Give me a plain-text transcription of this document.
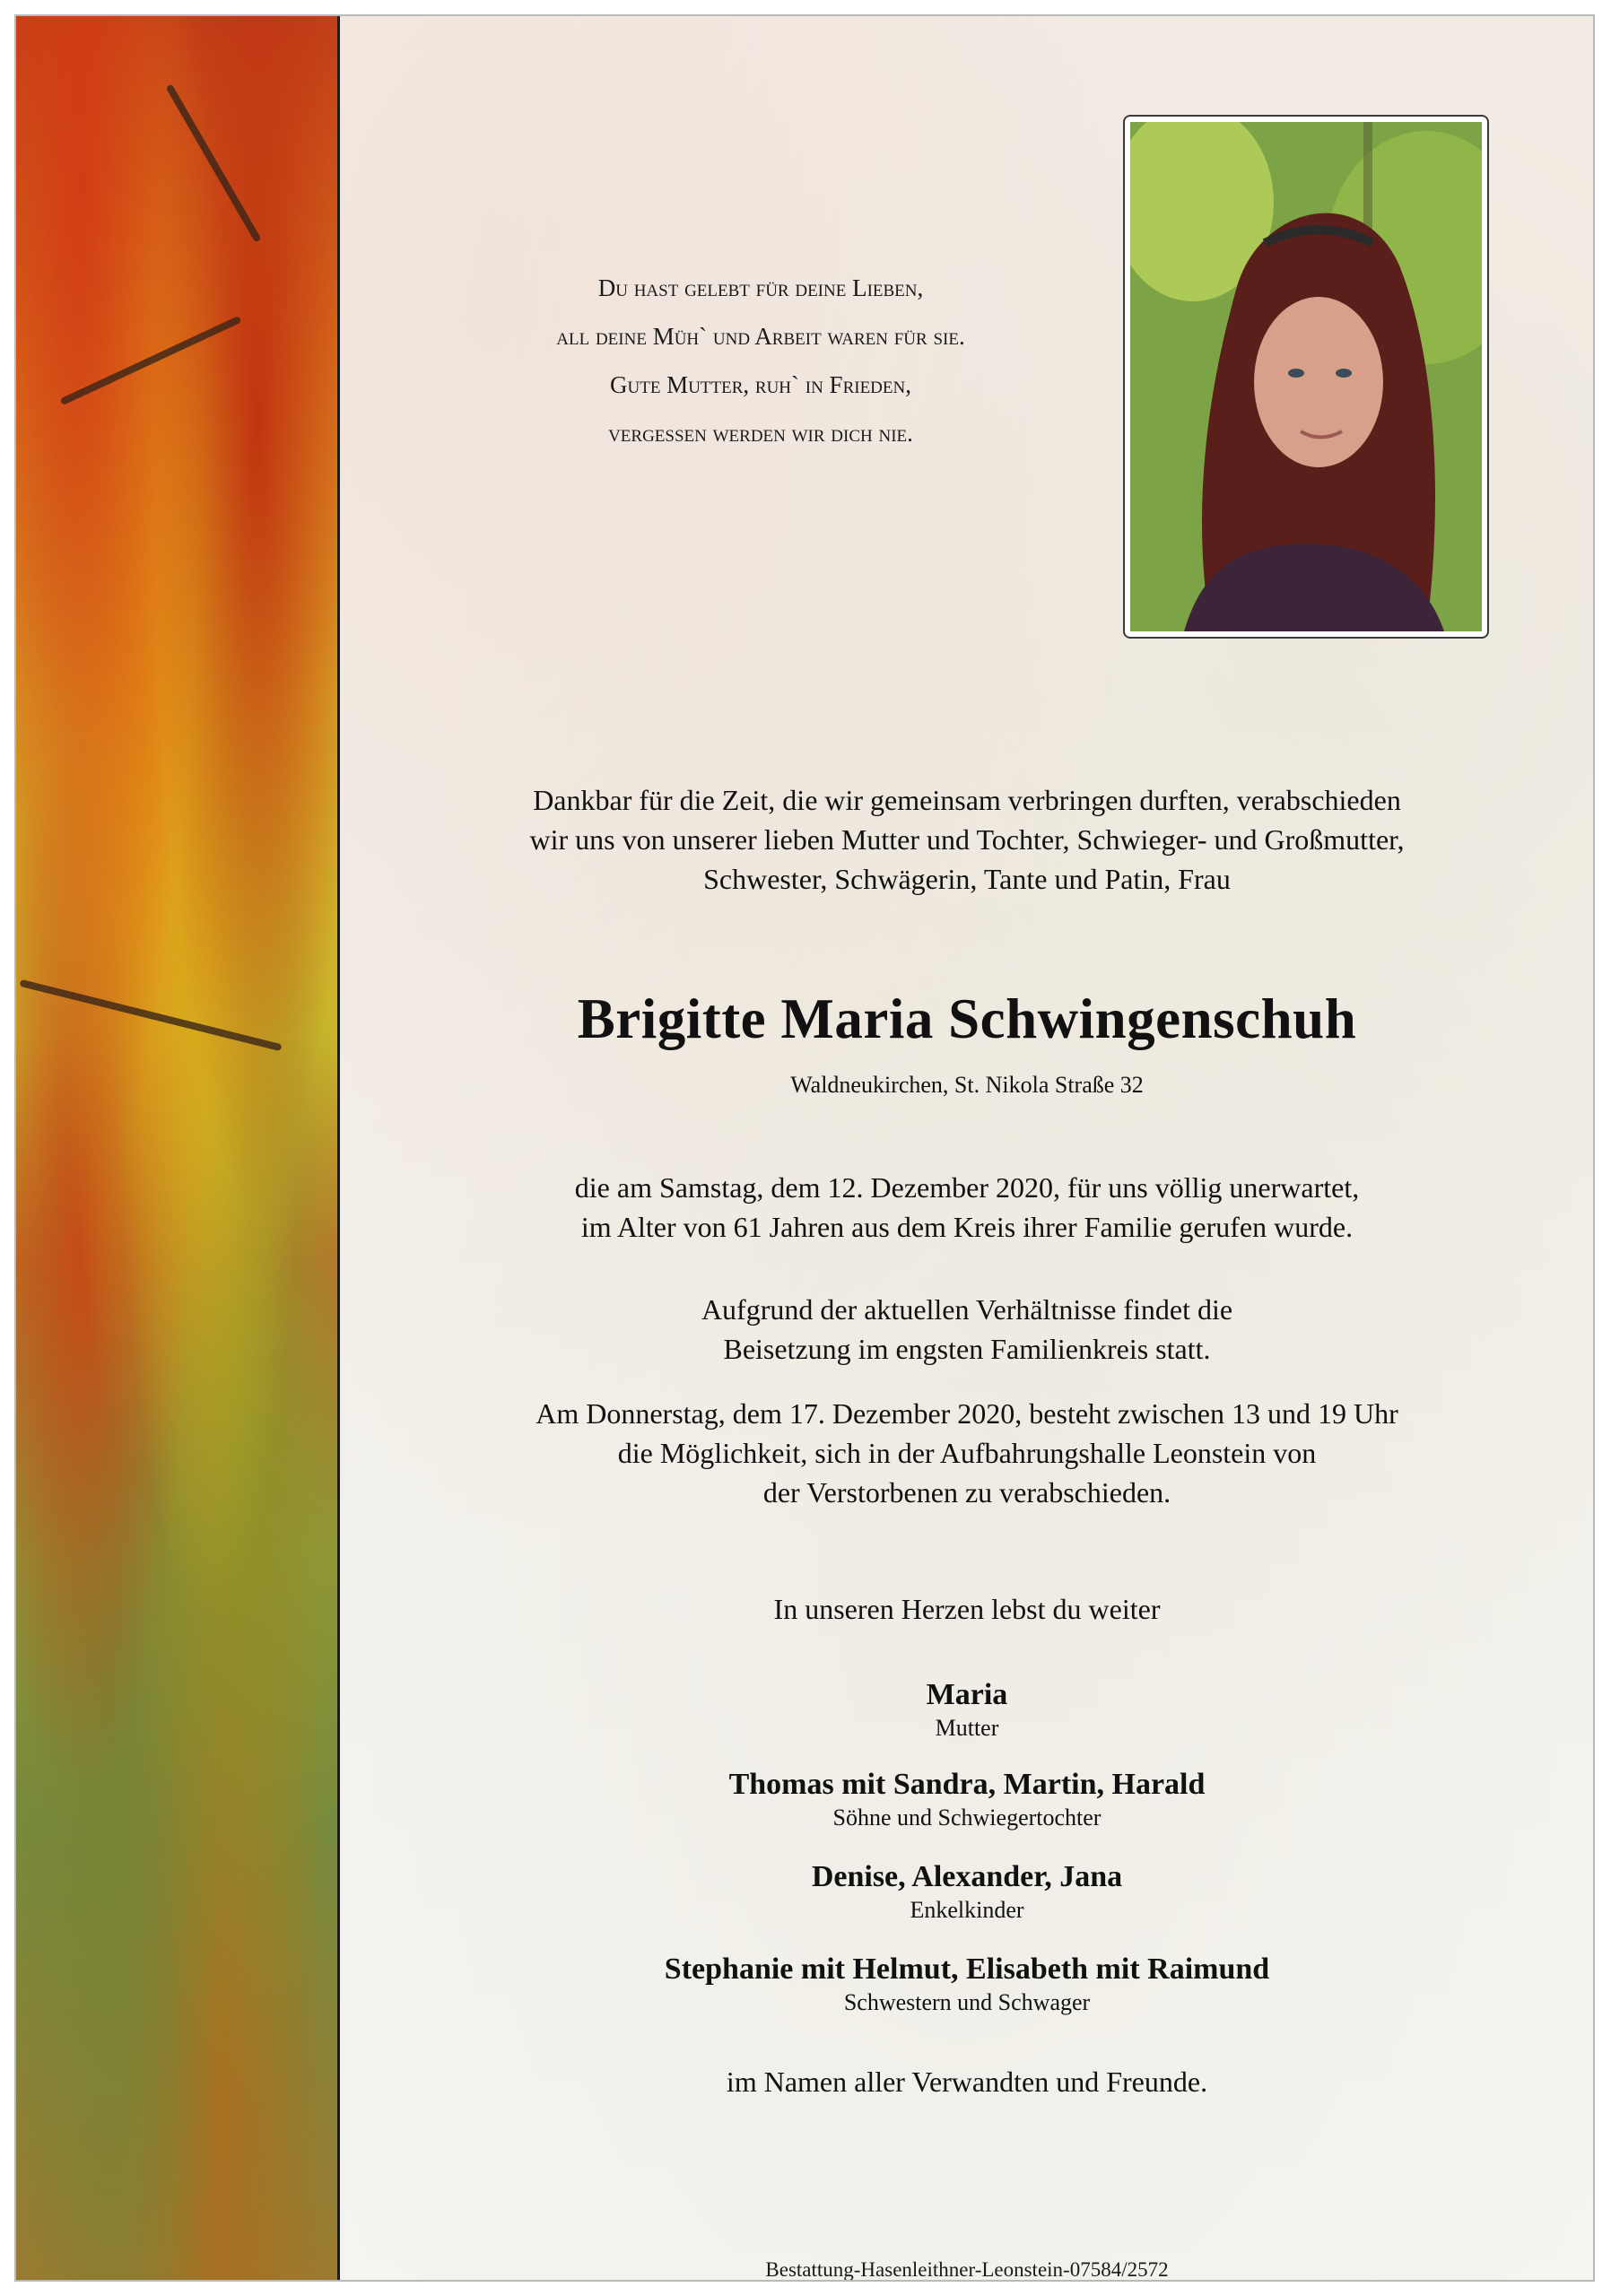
Du hast gelebt für deine Lieben,

all deine Müh` und Arbeit waren für sie.

Gute Mutter, ruh` in Frieden,

vergessen werden wir dich nie.

Dankbar für die Zeit, die wir gemeinsam verbringen durften, verabschieden

wir uns von unserer lieben Mutter und Tochter, Schwieger- und Großmutter,

Schwester, Schwägerin, Tante und Patin, Frau

Brigitte Maria Schwingenschuh
Waldneukirchen, St. Nikola Straße 32

die am Samstag, dem 12. Dezember 2020, für uns völlig unerwartet,

im Alter von 61 Jahren aus dem Kreis ihrer Familie gerufen wurde.

Aufgrund der aktuellen Verhältnisse findet die

Beisetzung im engsten Familienkreis statt.

Am Donnerstag, dem 17. Dezember 2020, besteht zwischen 13 und 19 Uhr

die Möglichkeit, sich in der Aufbahrungshalle Leonstein von

der Verstorbenen zu verabschieden.

In unseren Herzen lebst du weiter
Maria
Mutter
Thomas mit Sandra, Martin, Harald
Söhne und Schwiegertochter
Denise, Alexander, Jana
Enkelkinder
Stephanie mit Helmut, Elisabeth mit Raimund
Schwestern und Schwager
im Namen aller Verwandten und Freunde.
Bestattung-Hasenleithner-Leonstein-07584/2572
